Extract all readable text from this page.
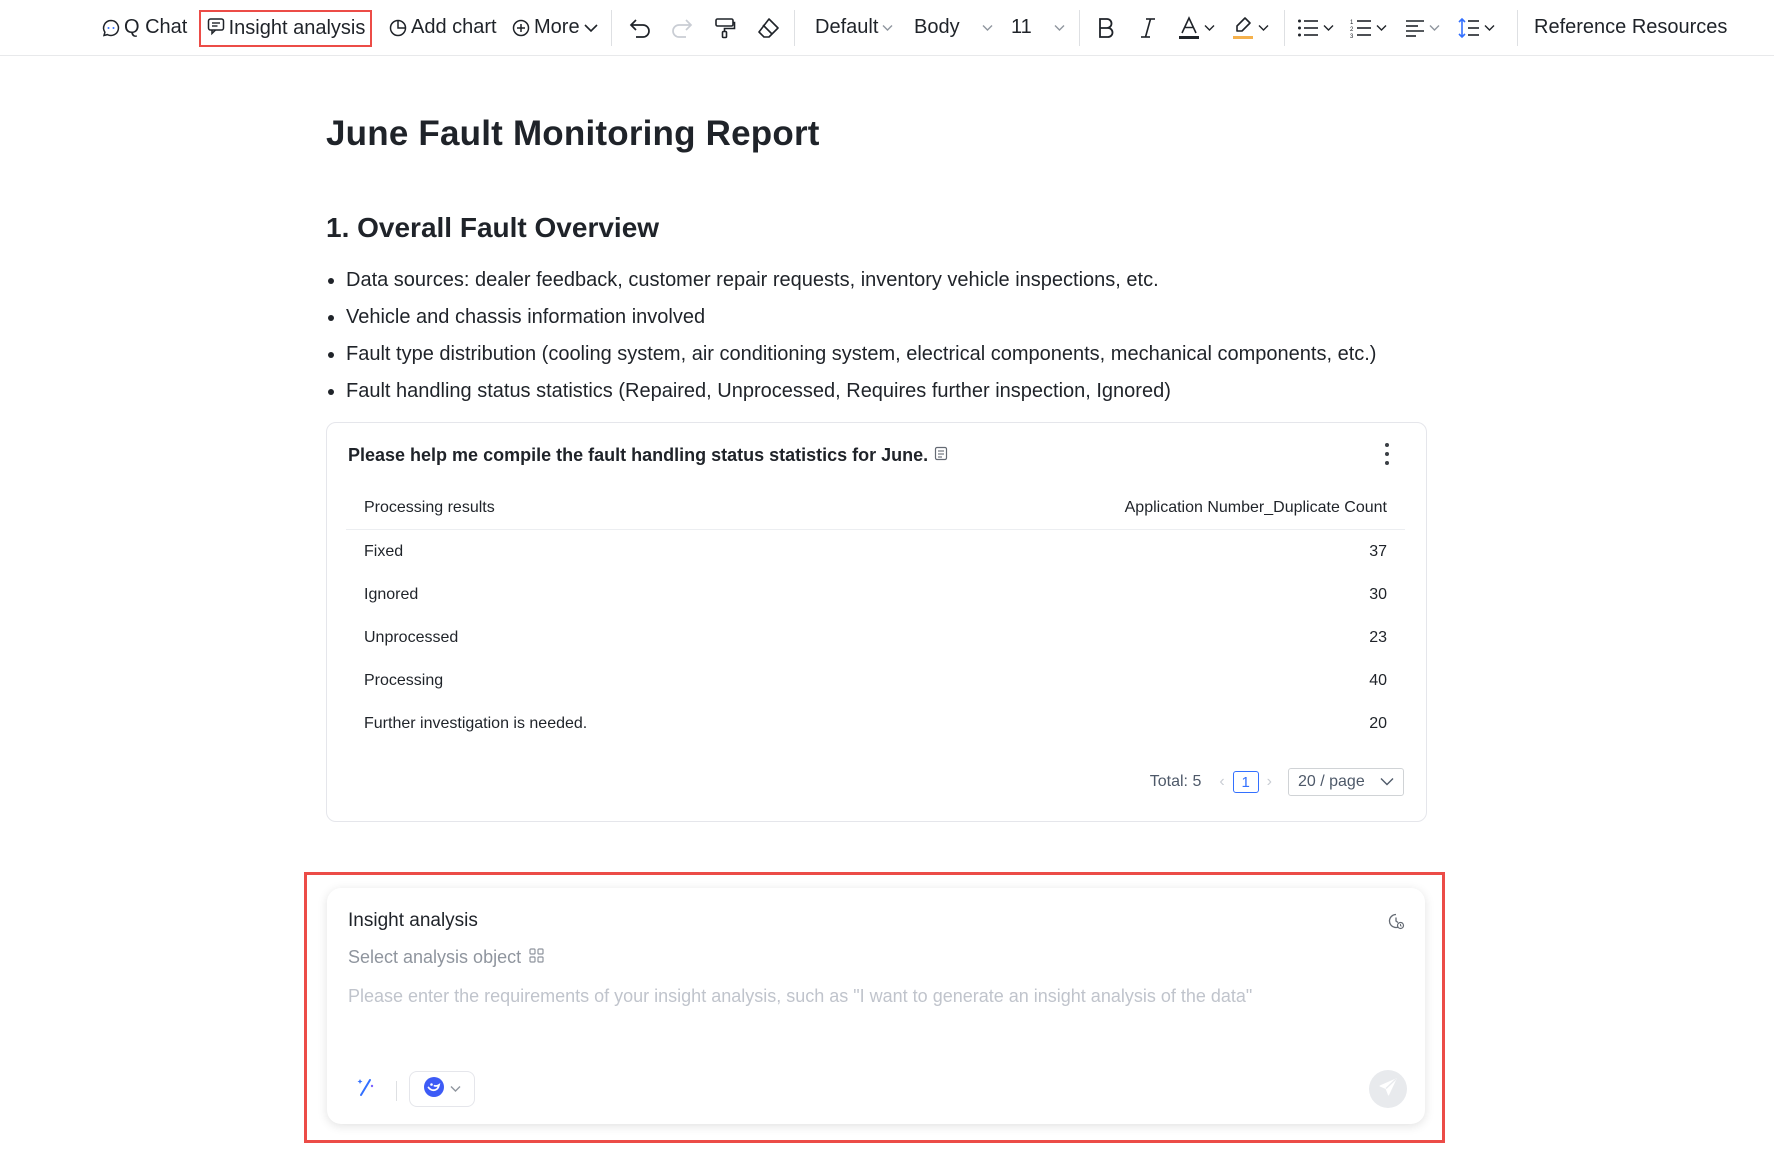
Q Chat Insight analysis Add chart More	Default Body	11	1
2
3	Reference Resources
June Fault Monitoring Report
1. Overall Fault Overview
Data sources: dealer feedback, customer repair requests, inventory vehicle inspections, etc.
Vehicle and chassis information involved
Fault type distribution (cooling system, air conditioning system, electrical components, mechanical components, etc.)
Fault handling status statistics (Repaired, Unprocessed, Requires further inspection, Ignored)
Please help me compile the fault handling status statistics for June.
Processing results	Application Number_Duplicate Count
Fixed	37
Ignored	30
Unprocessed	23
Processing	40
Further investigation is needed.	20
Total: 5 ‹	1	› 20 / page
Insight analysis
Select analysis object
Please enter the requirements of your insight analysis, such as "I want to generate an insight analysis of the data"
